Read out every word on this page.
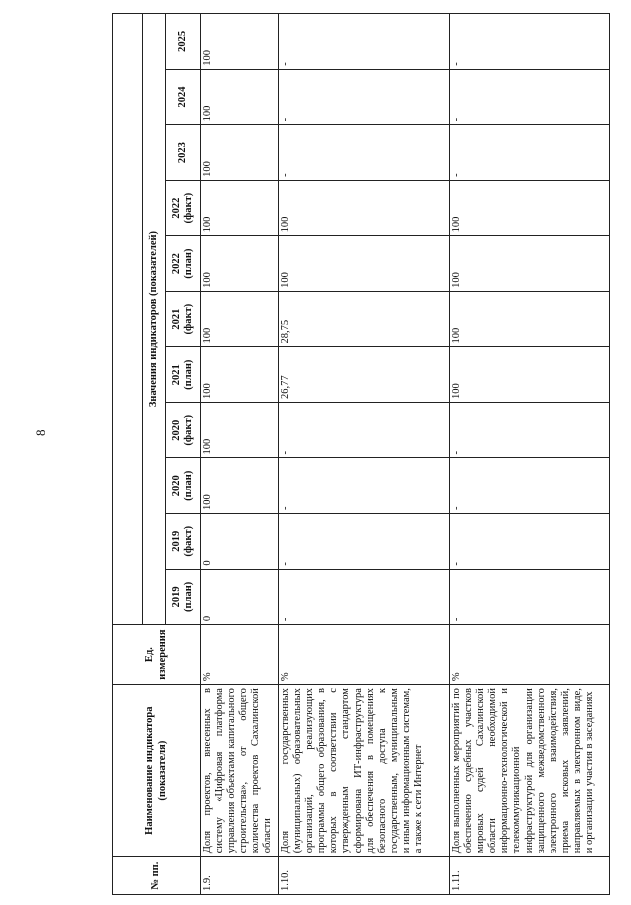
8
№ пп.	Наименование индикатора (показателя)	Ед. измерения											
			Значения индикаторов (показателей)										
			2019 (план)	2019 (факт)	2020 (план)	2020 (факт)	2021 (план)	2021 (факт)	2022 (план)	2022 (факт)	2023	2024	2025
1.9.	Доля проектов, внесенных в систему «Цифровая платформа управления объектами капитального строительства», от общего количества проектов Сахалинской области	%	0	0	100	100	100	100	100	100	100	100	100
1.10.	Доля государственных (муниципальных) образовательных организаций, реализующих программы общего образования, в которых в соответствии с утвержденным стандартом сформирована ИТ-инфраструктура для обеспечения в помещениях безопасного доступа к государственным, муниципальным и иным информационным системам, а также к сети Интернет	%	-	-	-	-	26,77	28,75	100	100	-	-	-
1.11.	Доля выполненных мероприятий по обеспечению судебных участков мировых судей Сахалинской области необходимой информационно-технологической и телекоммуникационной инфраструктурой для организации защищенного межведомственного электронного взаимодействия, приема исковых заявлений, направляемых в электронном виде, и организации участия в заседаниях	%	-	-	-	-	100	100	100	100	-	-	-
